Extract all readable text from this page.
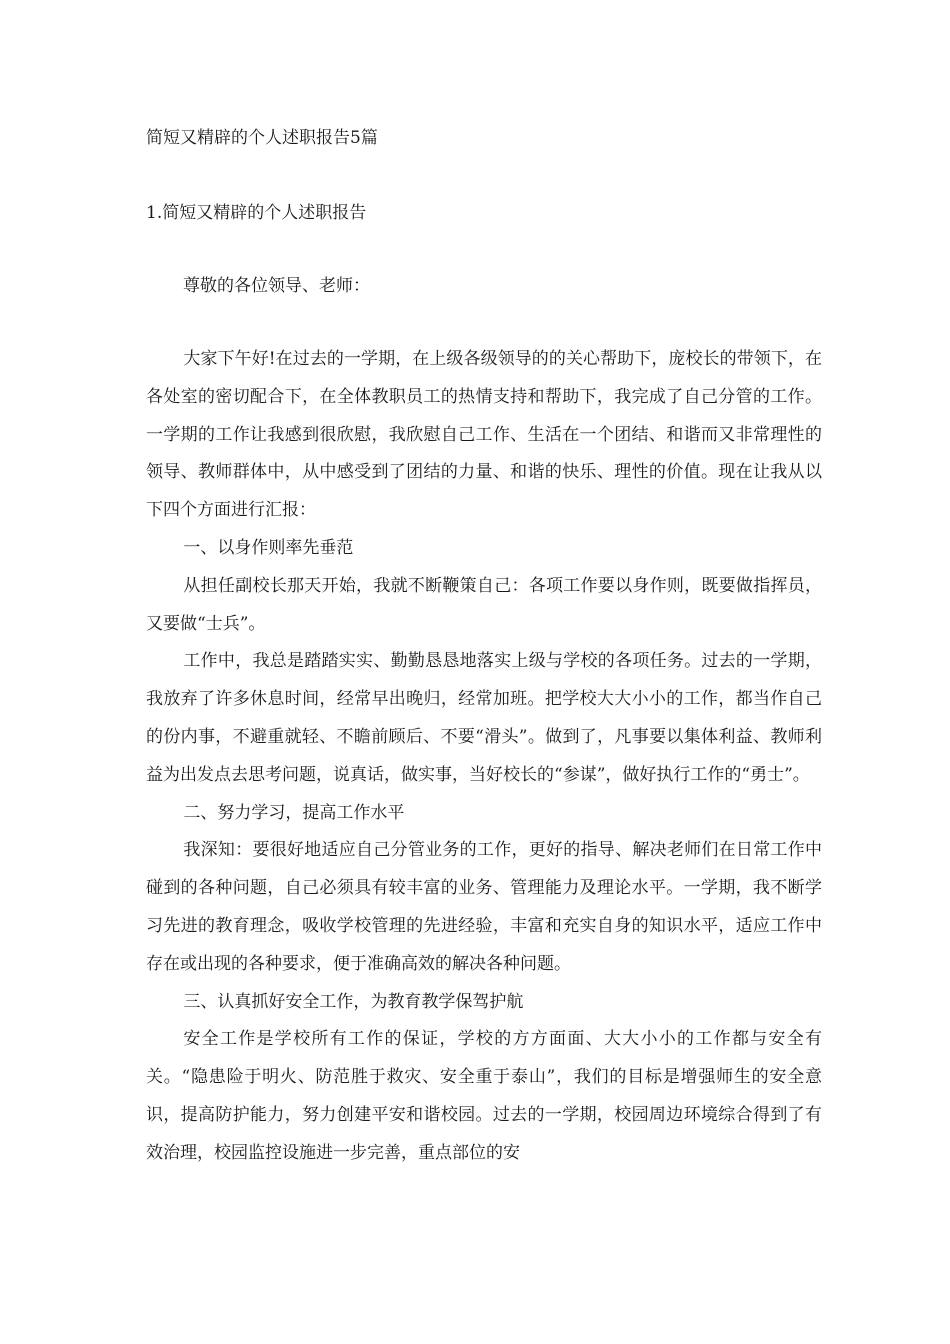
简短又精辟的个人述职报告5篇
1.简短又精辟的个人述职报告
尊敬的各位领导、老师：

大家下午好!在过去的一学期，在上级各级领导的的关心帮助下，庞校长的带领下，在各处室的密切配合下，在全体教职员工的热情支持和帮助下，我完成了自己分管的工作。一学期的工作让我感到很欣慰，我欣慰自己工作、生活在一个团结、和谐而又非常理性的领导、教师群体中，从中感受到了团结的力量、和谐的快乐、理性的价值。现在让我从以下四个方面进行汇报：

一、以身作则率先垂范

从担任副校长那天开始，我就不断鞭策自己：各项工作要以身作则，既要做指挥员，又要做“士兵”。

工作中，我总是踏踏实实、勤勤恳恳地落实上级与学校的各项任务。过去的一学期，我放弃了许多休息时间，经常早出晚归，经常加班。把学校大大小小的工作，都当作自己的份内事，不避重就轻、不瞻前顾后、不要“滑头”。做到了，凡事要以集体利益、教师利益为出发点去思考问题，说真话，做实事，当好校长的“参谋”，做好执行工作的“勇士”。

二、努力学习，提高工作水平

我深知：要很好地适应自己分管业务的工作，更好的指导、解决老师们在日常工作中碰到的各种问题，自己必须具有较丰富的业务、管理能力及理论水平。一学期，我不断学习先进的教育理念，吸收学校管理的先进经验，丰富和充实自身的知识水平，适应工作中存在或出现的各种要求，便于准确高效的解决各种问题。

三、认真抓好安全工作，为教育教学保驾护航

安全工作是学校所有工作的保证，学校的方方面面、大大小小的工作都与安全有关。“隐患险于明火、防范胜于救灾、安全重于泰山”，我们的目标是增强师生的安全意识，提高防护能力，努力创建平安和谐校园。过去的一学期，校园周边环境综合得到了有效治理，校园监控设施进一步完善，重点部位的安
